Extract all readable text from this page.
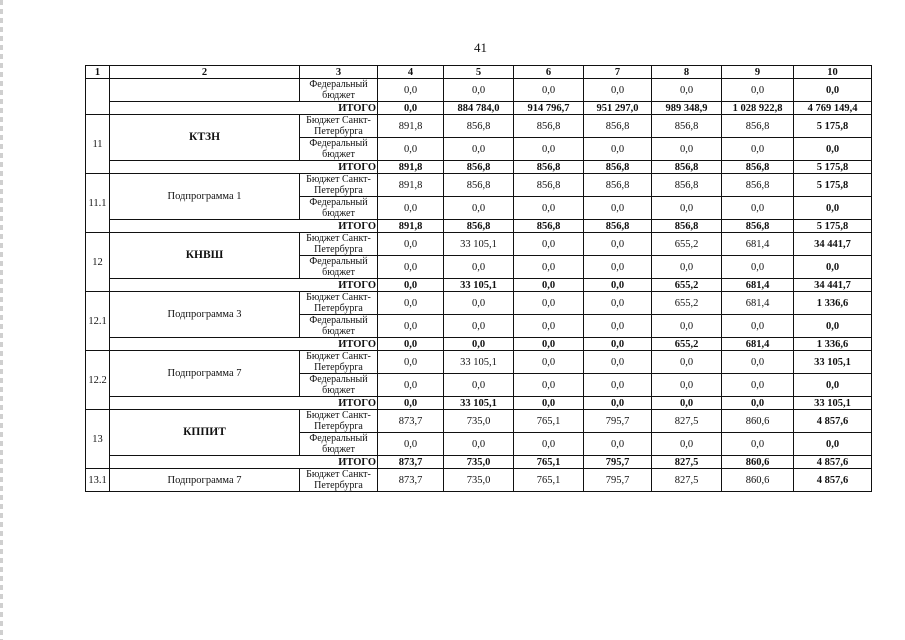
41
1	2	3	4	5	6	7	8	9	10
		Федеральный бюджет	0,0	0,0	0,0	0,0	0,0	0,0	0,0
	ИТОГО		0,0	884 784,0	914 796,7	951 297,0	989 348,9	1 028 922,8	4 769 149,4
11	КТЗН	Бюджет Санкт-Петербурга	891,8	856,8	856,8	856,8	856,8	856,8	5 175,8
		Федеральный бюджет	0,0	0,0	0,0	0,0	0,0	0,0	0,0
	ИТОГО		891,8	856,8	856,8	856,8	856,8	856,8	5 175,8
11.1	Подпрограмма 1	Бюджет Санкт-Петербурга	891,8	856,8	856,8	856,8	856,8	856,8	5 175,8
		Федеральный бюджет	0,0	0,0	0,0	0,0	0,0	0,0	0,0
	ИТОГО		891,8	856,8	856,8	856,8	856,8	856,8	5 175,8
12	КНВШ	Бюджет Санкт-Петербурга	0,0	33 105,1	0,0	0,0	655,2	681,4	34 441,7
		Федеральный бюджет	0,0	0,0	0,0	0,0	0,0	0,0	0,0
	ИТОГО		0,0	33 105,1	0,0	0,0	655,2	681,4	34 441,7
12.1	Подпрограмма 3	Бюджет Санкт-Петербурга	0,0	0,0	0,0	0,0	655,2	681,4	1 336,6
		Федеральный бюджет	0,0	0,0	0,0	0,0	0,0	0,0	0,0
	ИТОГО		0,0	0,0	0,0	0,0	655,2	681,4	1 336,6
12.2	Подпрограмма 7	Бюджет Санкт-Петербурга	0,0	33 105,1	0,0	0,0	0,0	0,0	33 105,1
		Федеральный бюджет	0,0	0,0	0,0	0,0	0,0	0,0	0,0
	ИТОГО		0,0	33 105,1	0,0	0,0	0,0	0,0	33 105,1
13	КППИТ	Бюджет Санкт-Петербурга	873,7	735,0	765,1	795,7	827,5	860,6	4 857,6
		Федеральный бюджет	0,0	0,0	0,0	0,0	0,0	0,0	0,0
	ИТОГО		873,7	735,0	765,1	795,7	827,5	860,6	4 857,6
13.1	Подпрограмма 7	Бюджет Санкт-Петербурга	873,7	735,0	765,1	795,7	827,5	860,6	4 857,6
